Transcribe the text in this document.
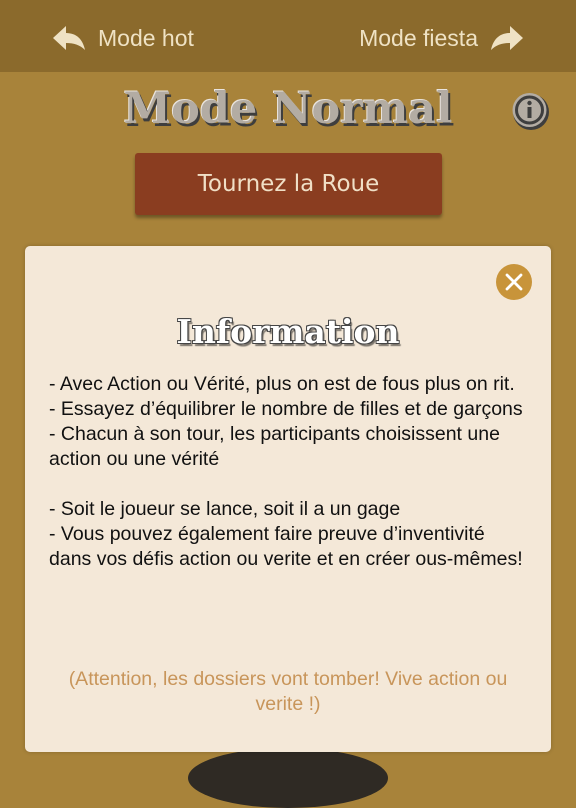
Mode hot	Mode fiesta
Mode Normal
Tournez la Roue
Information

- Avec Action ou Vérité, plus on est de fous plus on rit.

- Essayez d’équilibrer le nombre de filles et de garçons

- Chacun à son tour, les participants choisissent une action ou une vérité

- Soit le joueur se lance, soit il a un gage

- Vous pouvez également faire preuve d’inventivité dans vos défis action ou verite et en créer ous-mêmes!

(Attention, les dossiers vont tomber! Vive action ou verite !)
